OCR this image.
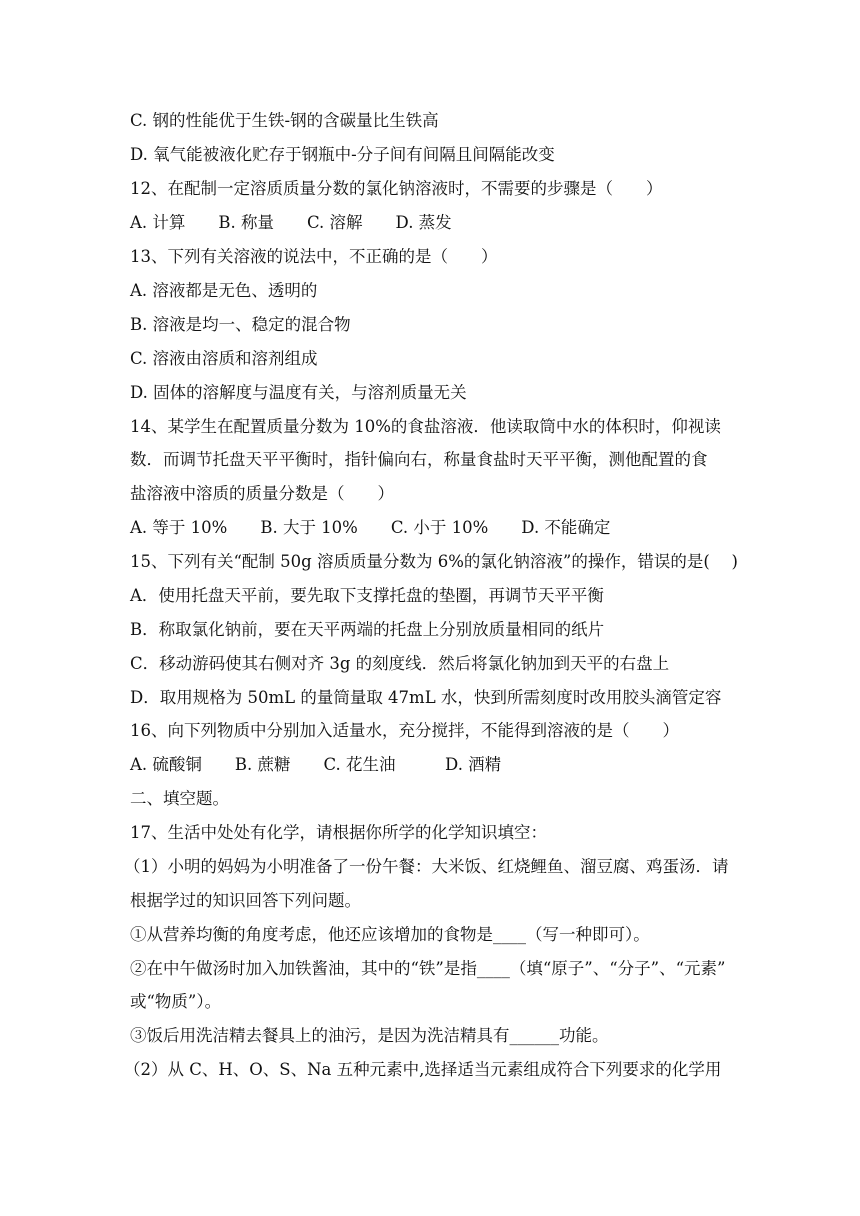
C. 钢的性能优于生铁-钢的含碳量比生铁高
D. 氧气能被液化贮存于钢瓶中-分子间有间隔且间隔能改变
12、在配制一定溶质质量分数的氯化钠溶液时，不需要的步骤是（　　）
A. 计算　　B. 称量　　C. 溶解　　D. 蒸发
13、下列有关溶液的说法中，不正确的是（　　）
A. 溶液都是无色、透明的
B. 溶液是均一、稳定的混合物
C. 溶液由溶质和溶剂组成
D. 固体的溶解度与温度有关，与溶剂质量无关
14、某学生在配置质量分数为 10%的食盐溶液．他读取筒中水的体积时，仰视读
数．而调节托盘天平平衡时，指针偏向右，称量食盐时天平平衡，测他配置的食
盐溶液中溶质的质量分数是（　　）
A. 等于 10%　　B. 大于 10%　　C. 小于 10%　　D. 不能确定
15、下列有关“配制 50g 溶质质量分数为 6%的氯化钠溶液”的操作，错误的是(　 )
A．使用托盘天平前，要先取下支撑托盘的垫圈，再调节天平平衡
B．称取氯化钠前，要在天平两端的托盘上分别放质量相同的纸片
C．移动游码使其右侧对齐 3g 的刻度线．然后将氯化钠加到天平的右盘上
D．取用规格为 50mL 的量筒量取 47mL 水，快到所需刻度时改用胶头滴管定容
16、向下列物质中分别加入适量水，充分搅拌，不能得到溶液的是（　　）
A. 硫酸铜　　B. 蔗糖　　C. 花生油　　　D. 酒精
二、填空题。
17、生活中处处有化学，请根据你所学的化学知识填空：
（1）小明的妈妈为小明准备了一份午餐：大米饭、红烧鲤鱼、溜豆腐、鸡蛋汤．请
根据学过的知识回答下列问题。
①从营养均衡的角度考虑，他还应该增加的食物是____（写一种即可）。
②在中午做汤时加入加铁酱油，其中的“铁”是指____（填“原子”、“分子”、“元素”
或“物质”）。
③饭后用洗洁精去餐具上的油污，是因为洗洁精具有______功能。
（2）从 C、H、O、S、Na 五种元素中,选择适当元素组成符合下列要求的化学用
